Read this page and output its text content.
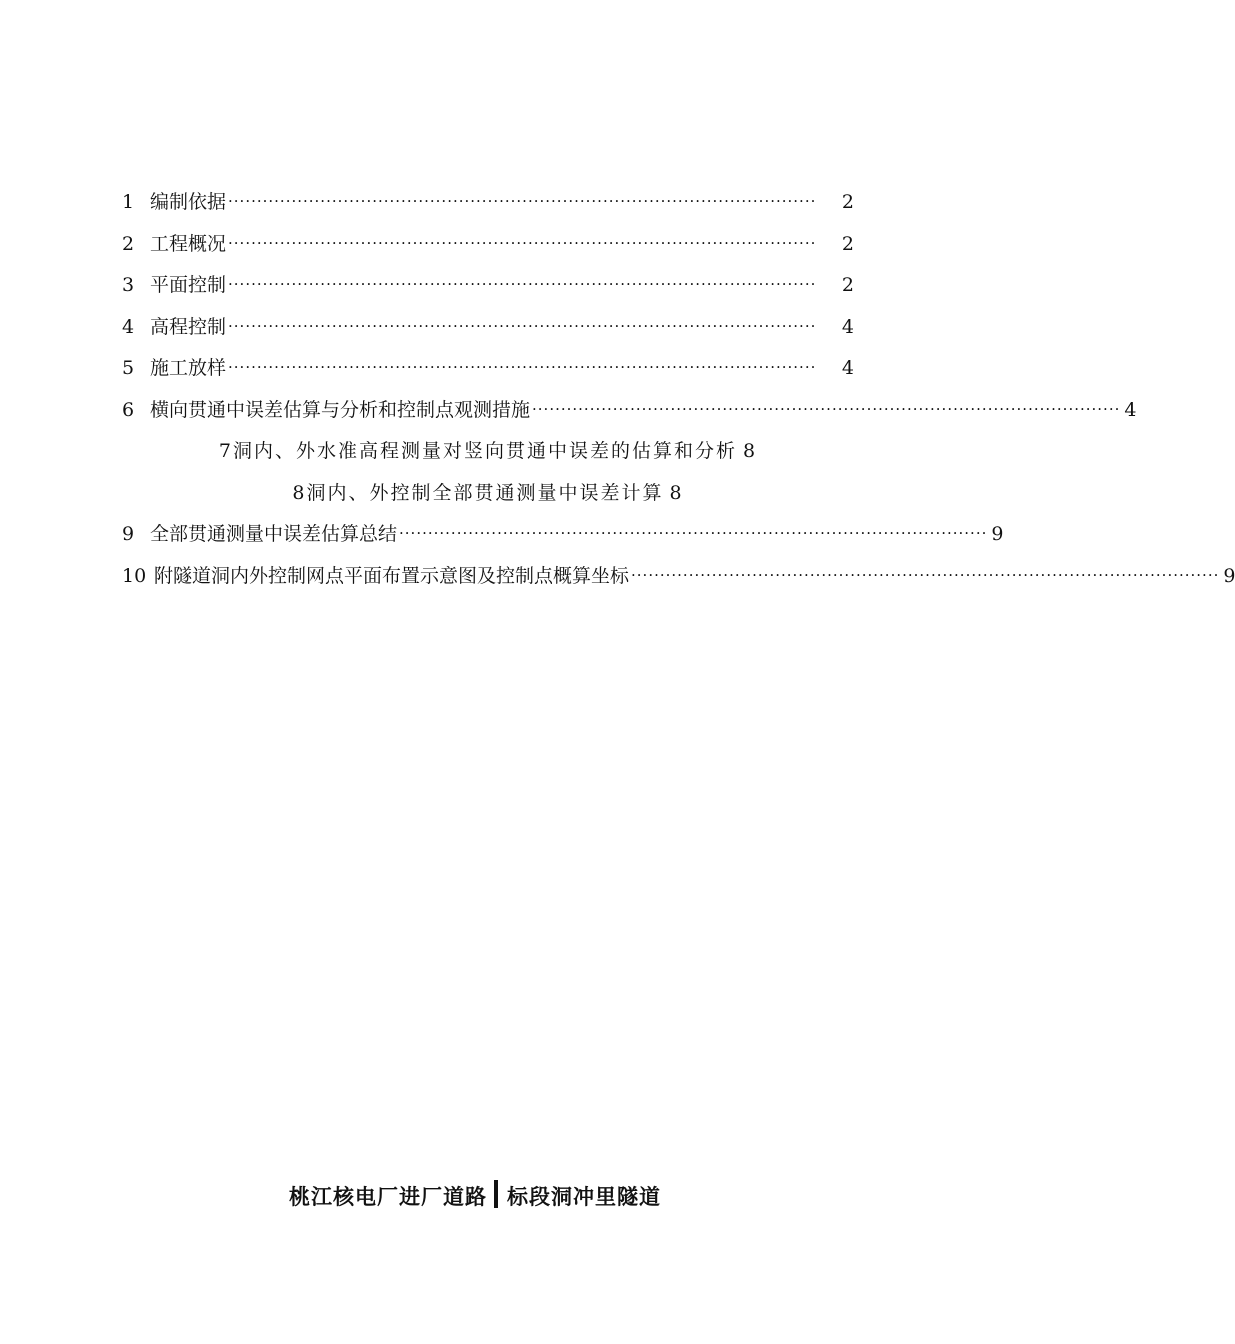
1 编制依据 ······································································································	2
2 工程概况 ······································································································	2
3 平面控制 ······································································································	2
4 高程控制 ······································································································	4
5 施工放样 ······································································································	4
6 横向贯通中误差估算与分析和控制点观测措施 ······································································································ 4
7 洞内、外水准高程测量对竖向贯通中误差的估算和分析 8
8 洞内、外控制全部贯通测量中误差计算 8
9 全部贯通测量中误差估算总结 ······································································································ 9
10 附隧道洞内外控制网点平面布置示意图及控制点概算坐标 ······································································································ 9
桃江核电厂进厂道路 标段洞冲里隧道
